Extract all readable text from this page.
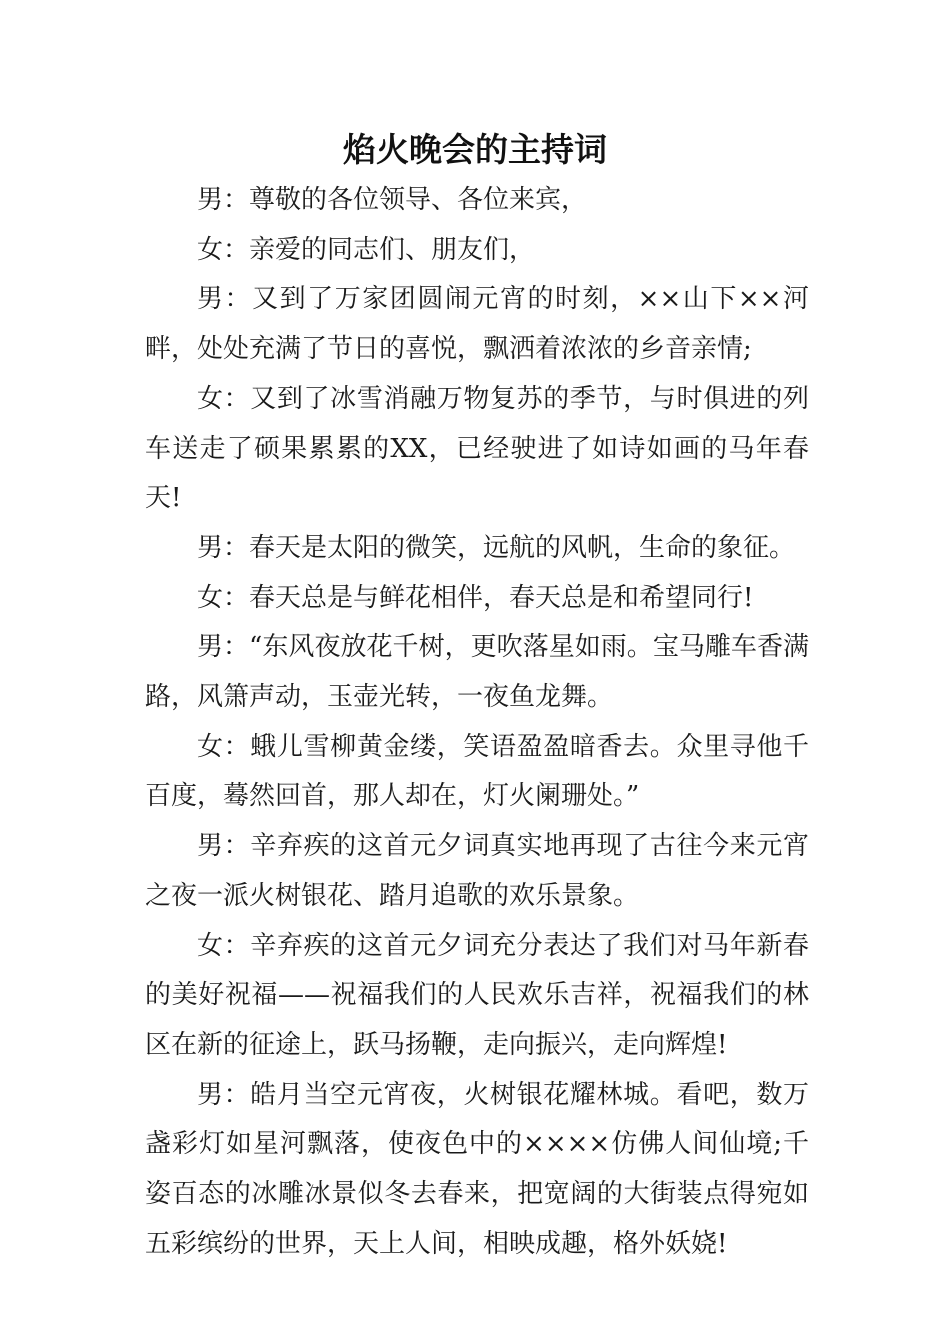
焰火晚会的主持词

男：尊敬的各位领导、各位来宾，

女：亲爱的同志们、朋友们，

男：又到了万家团圆闹元宵的时刻，××山下××河畔，处处充满了节日的喜悦，飘洒着浓浓的乡音亲情;

女：又到了冰雪消融万物复苏的季节，与时俱进的列车送走了硕果累累的XX，已经驶进了如诗如画的马年春天!

男：春天是太阳的微笑，远航的风帆，生命的象征。

女：春天总是与鲜花相伴，春天总是和希望同行!

男：“东风夜放花千树，更吹落星如雨。宝马雕车香满路，风箫声动，玉壶光转，一夜鱼龙舞。

女：蛾儿雪柳黄金缕，笑语盈盈暗香去。众里寻他千百度，蓦然回首，那人却在，灯火阑珊处。”

男：辛弃疾的这首元夕词真实地再现了古往今来元宵之夜一派火树银花、踏月追歌的欢乐景象。

女：辛弃疾的这首元夕词充分表达了我们对马年新春的美好祝福——祝福我们的人民欢乐吉祥，祝福我们的林区在新的征途上，跃马扬鞭，走向振兴，走向辉煌!

男：皓月当空元宵夜，火树银花耀林城。看吧，数万盏彩灯如星河飘落，使夜色中的××××仿佛人间仙境;千姿百态的冰雕冰景似冬去春来，把宽阔的大街装点得宛如五彩缤纷的世界，天上人间，相映成趣，格外妖娆!
